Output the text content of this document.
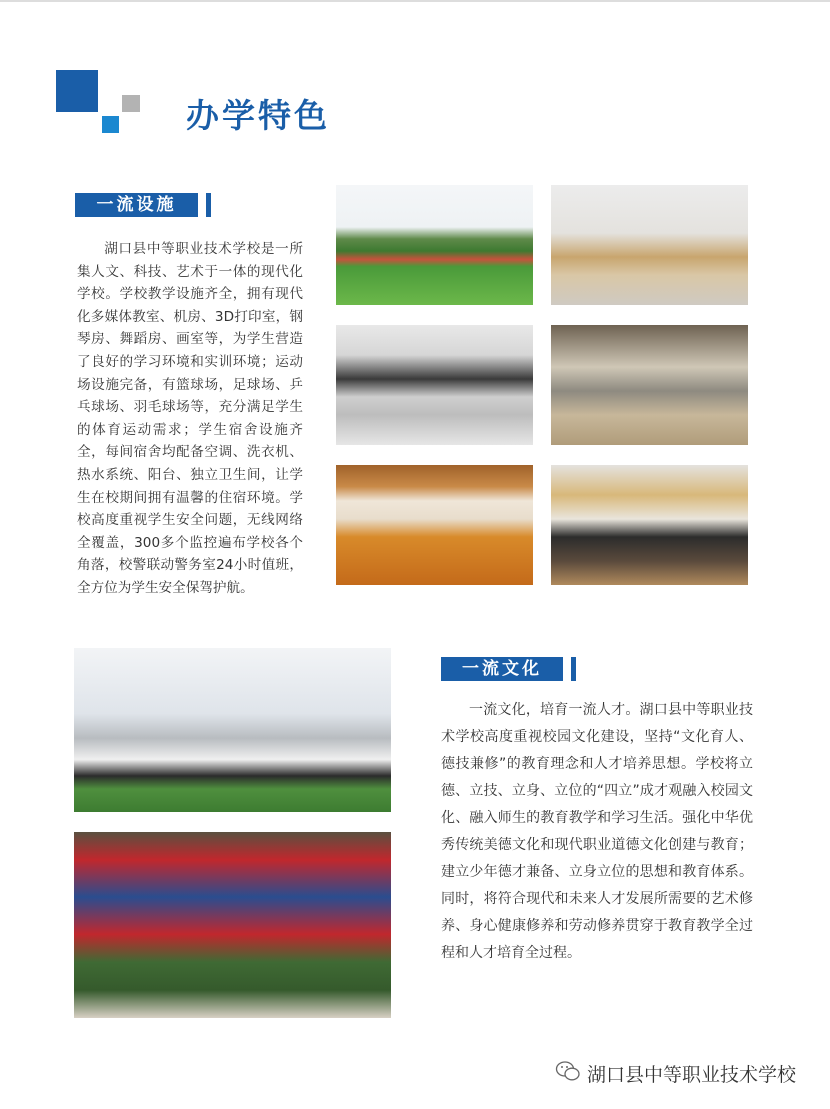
办学特色
一流设施
湖口县中等职业技术学校是一所集人文、科技、艺术于一体的现代化学校。学校教学设施齐全，拥有现代化多媒体教室、机房、3D打印室，钢琴房、舞蹈房、画室等，为学生营造了良好的学习环境和实训环境；运动场设施完备，有篮球场，足球场、乒乓球场、羽毛球场等，充分满足学生的体育运动需求；学生宿舍设施齐全，每间宿舍均配备空调、洗衣机、热水系统、阳台、独立卫生间，让学生在校期间拥有温馨的住宿环境。学校高度重视学生安全问题，无线网络全覆盖，300多个监控遍布学校各个角落，校警联动警务室24小时值班，全方位为学生安全保驾护航。
一流文化
一流文化，培育一流人才。湖口县中等职业技术学校高度重视校园文化建设，坚持“文化育人、德技兼修”的教育理念和人才培养思想。学校将立德、立技、立身、立位的“四立”成才观融入校园文化、融入师生的教育教学和学习生活。强化中华优秀传统美德文化和现代职业道德文化创建与教育；建立少年德才兼备、立身立位的思想和教育体系。同时，将符合现代和未来人才发展所需要的艺术修养、身心健康修养和劳动修养贯穿于教育教学全过程和人才培育全过程。
湖口县中等职业技术学校
